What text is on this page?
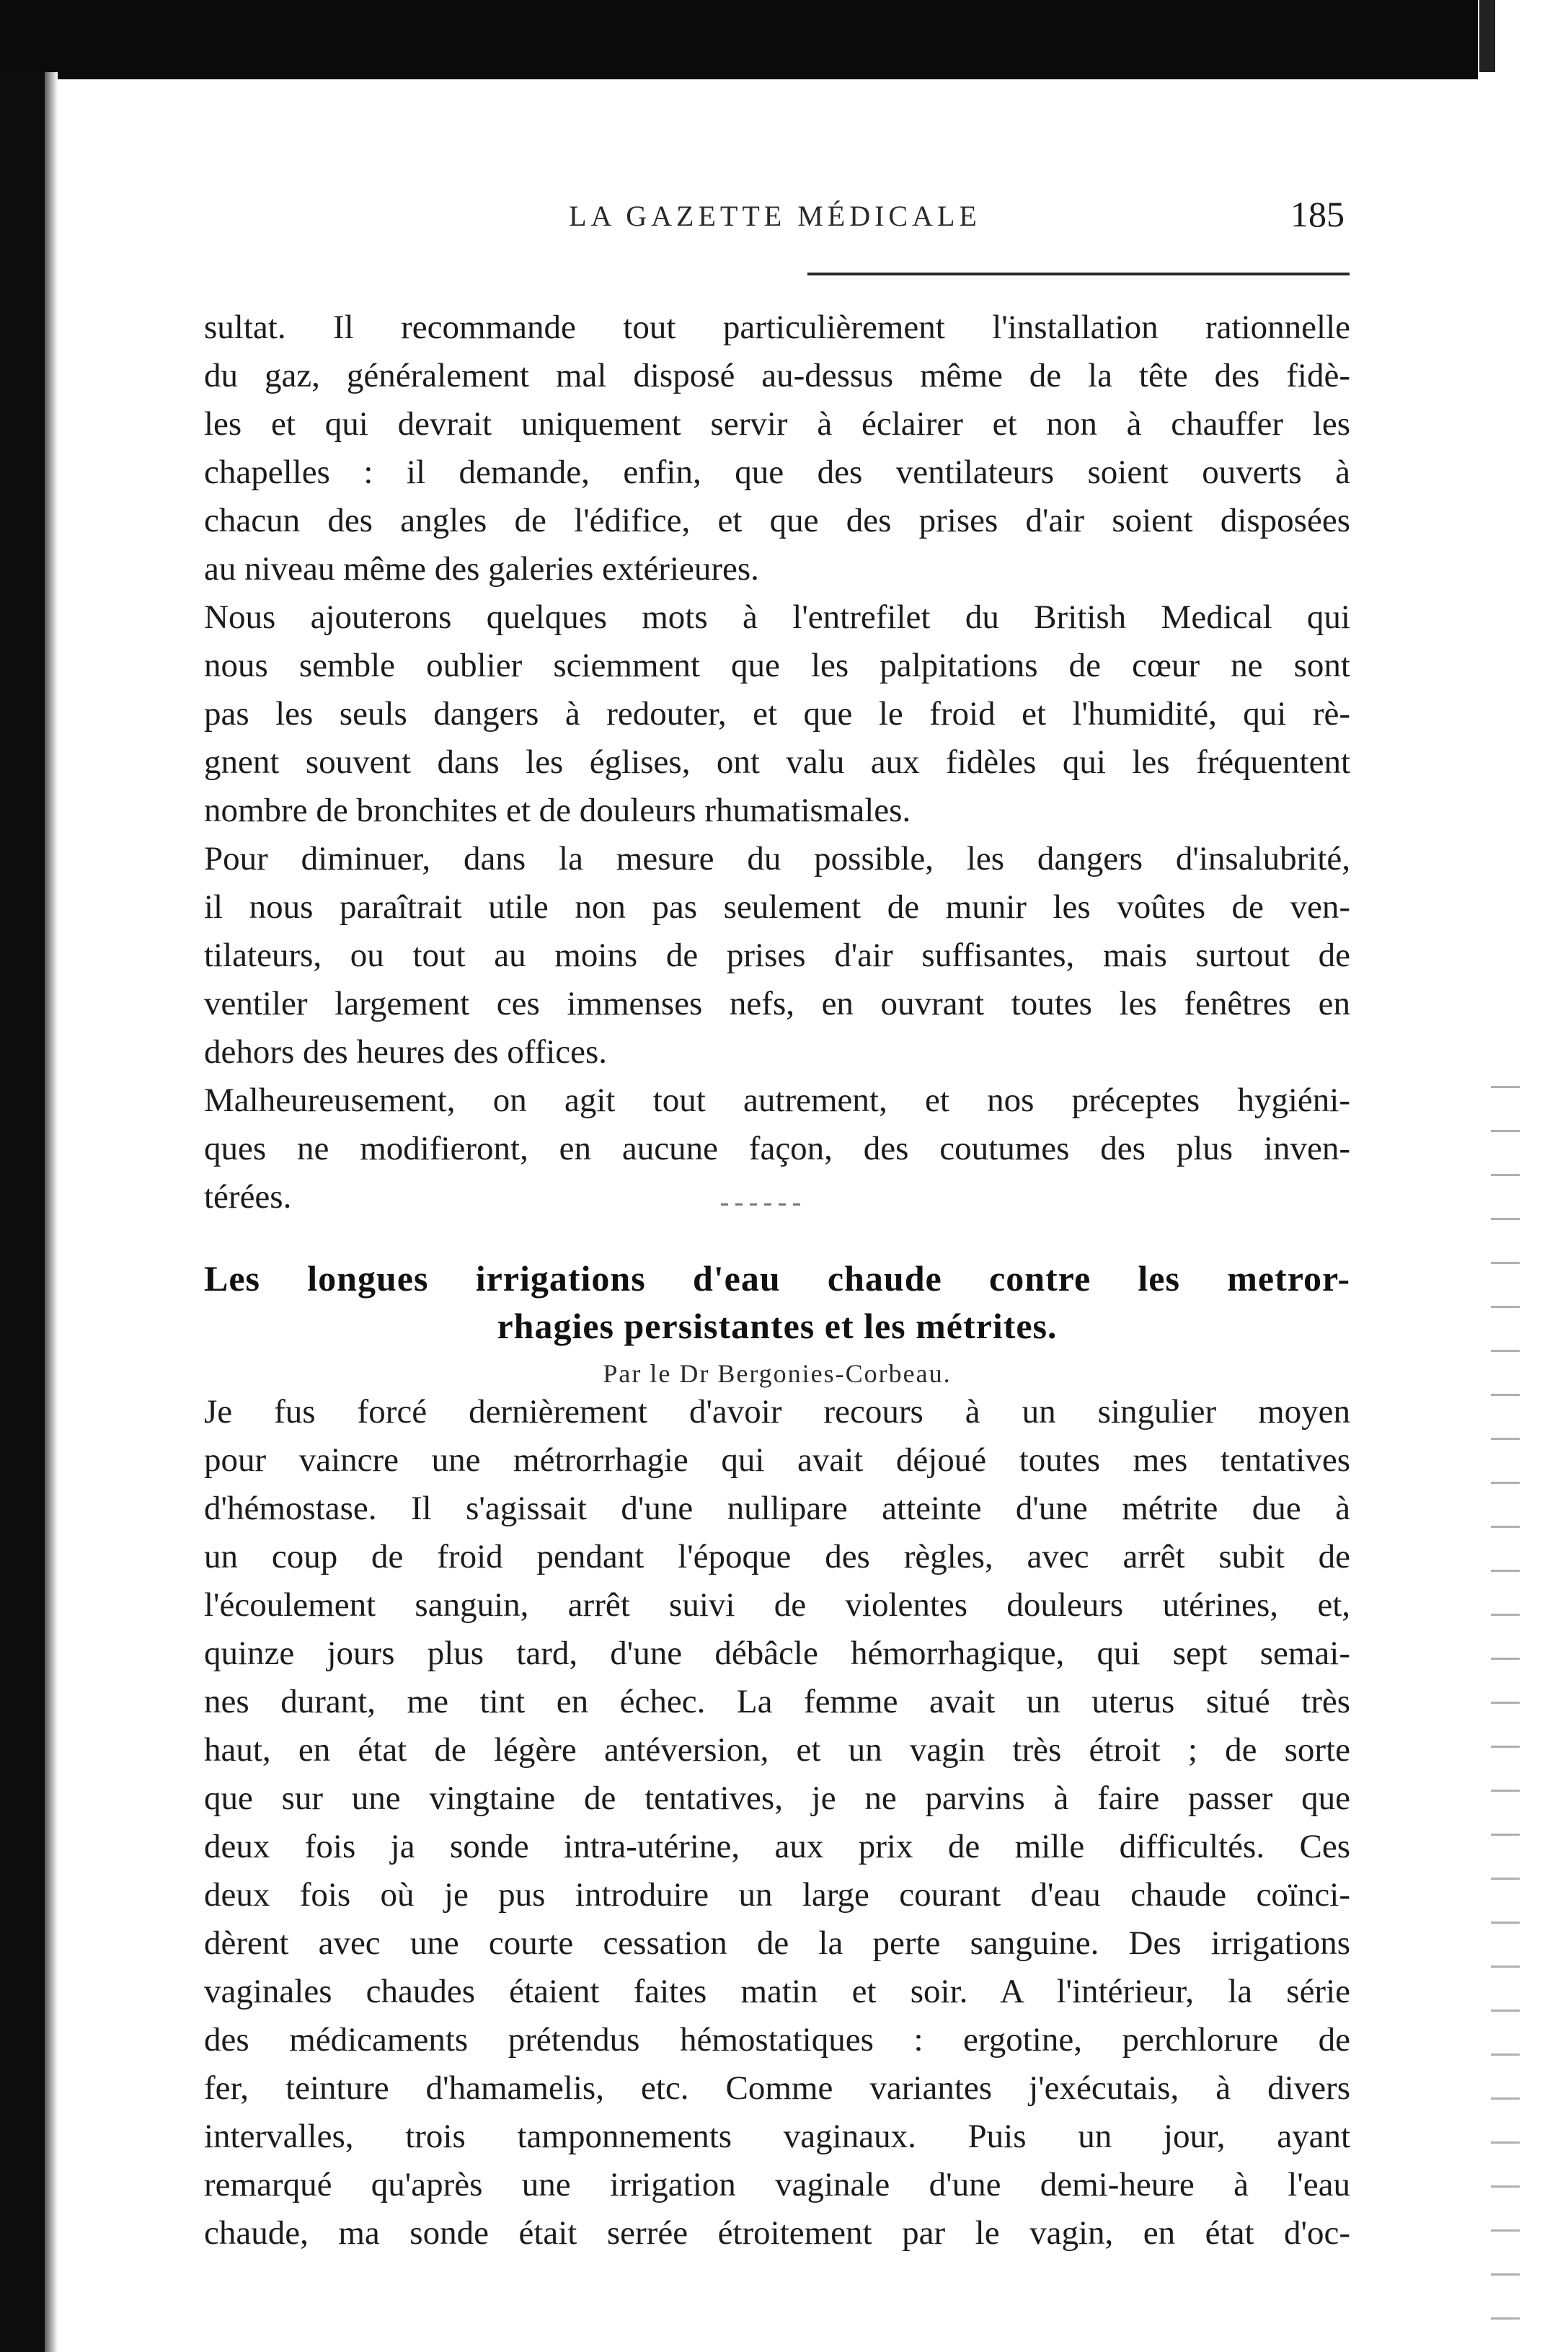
LA GAZETTE MÉDICALE	185
sultat. Il recommande tout particulièrement l'installation rationnelle
du gaz, généralement mal disposé au-dessus même de la tête des fidè-
les et qui devrait uniquement servir à éclairer et non à chauffer les
chapelles : il demande, enfin, que des ventilateurs soient ouverts à
chacun des angles de l'édifice, et que des prises d'air soient disposées
au niveau même des galeries extérieures.
Nous ajouterons quelques mots à l'entrefilet du British Medical qui
nous semble oublier sciemment que les palpitations de cœur ne sont
pas les seuls dangers à redouter, et que le froid et l'humidité, qui rè-
gnent souvent dans les églises, ont valu aux fidèles qui les fréquentent
nombre de bronchites et de douleurs rhumatismales.
Pour diminuer, dans la mesure du possible, les dangers d'insalubrité,
il nous paraîtrait utile non pas seulement de munir les voûtes de ven-
tilateurs, ou tout au moins de prises d'air suffisantes, mais surtout de
ventiler largement ces immenses nefs, en ouvrant toutes les fenêtres en
dehors des heures des offices.
Malheureusement, on agit tout autrement, et nos préceptes hygiéni-
ques ne modifieront, en aucune façon, des coutumes des plus inven-
térées.
Les longues irrigations d'eau chaude contre les metror-
rhagies persistantes et les métrites.
Par le Dr Bergonies-Corbeau.
Je fus forcé dernièrement d'avoir recours à un singulier moyen
pour vaincre une métrorrhagie qui avait déjoué toutes mes tentatives
d'hémostase. Il s'agissait d'une nullipare atteinte d'une métrite due à
un coup de froid pendant l'époque des règles, avec arrêt subit de
l'écoulement sanguin, arrêt suivi de violentes douleurs utérines, et,
quinze jours plus tard, d'une débâcle hémorrhagique, qui sept semai-
nes durant, me tint en échec. La femme avait un uterus situé très
haut, en état de légère antéversion, et un vagin très étroit ; de sorte
que sur une vingtaine de tentatives, je ne parvins à faire passer que
deux fois ja sonde intra-utérine, aux prix de mille difficultés. Ces
deux fois où je pus introduire un large courant d'eau chaude coïnci-
dèrent avec une courte cessation de la perte sanguine. Des irrigations
vaginales chaudes étaient faites matin et soir. A l'intérieur, la série
des médicaments prétendus hémostatiques : ergotine, perchlorure de
fer, teinture d'hamamelis, etc. Comme variantes j'exécutais, à divers
intervalles, trois tamponnements vaginaux. Puis un jour, ayant
remarqué qu'après une irrigation vaginale d'une demi-heure à l'eau
chaude, ma sonde était serrée étroitement par le vagin, en état d'oc-
